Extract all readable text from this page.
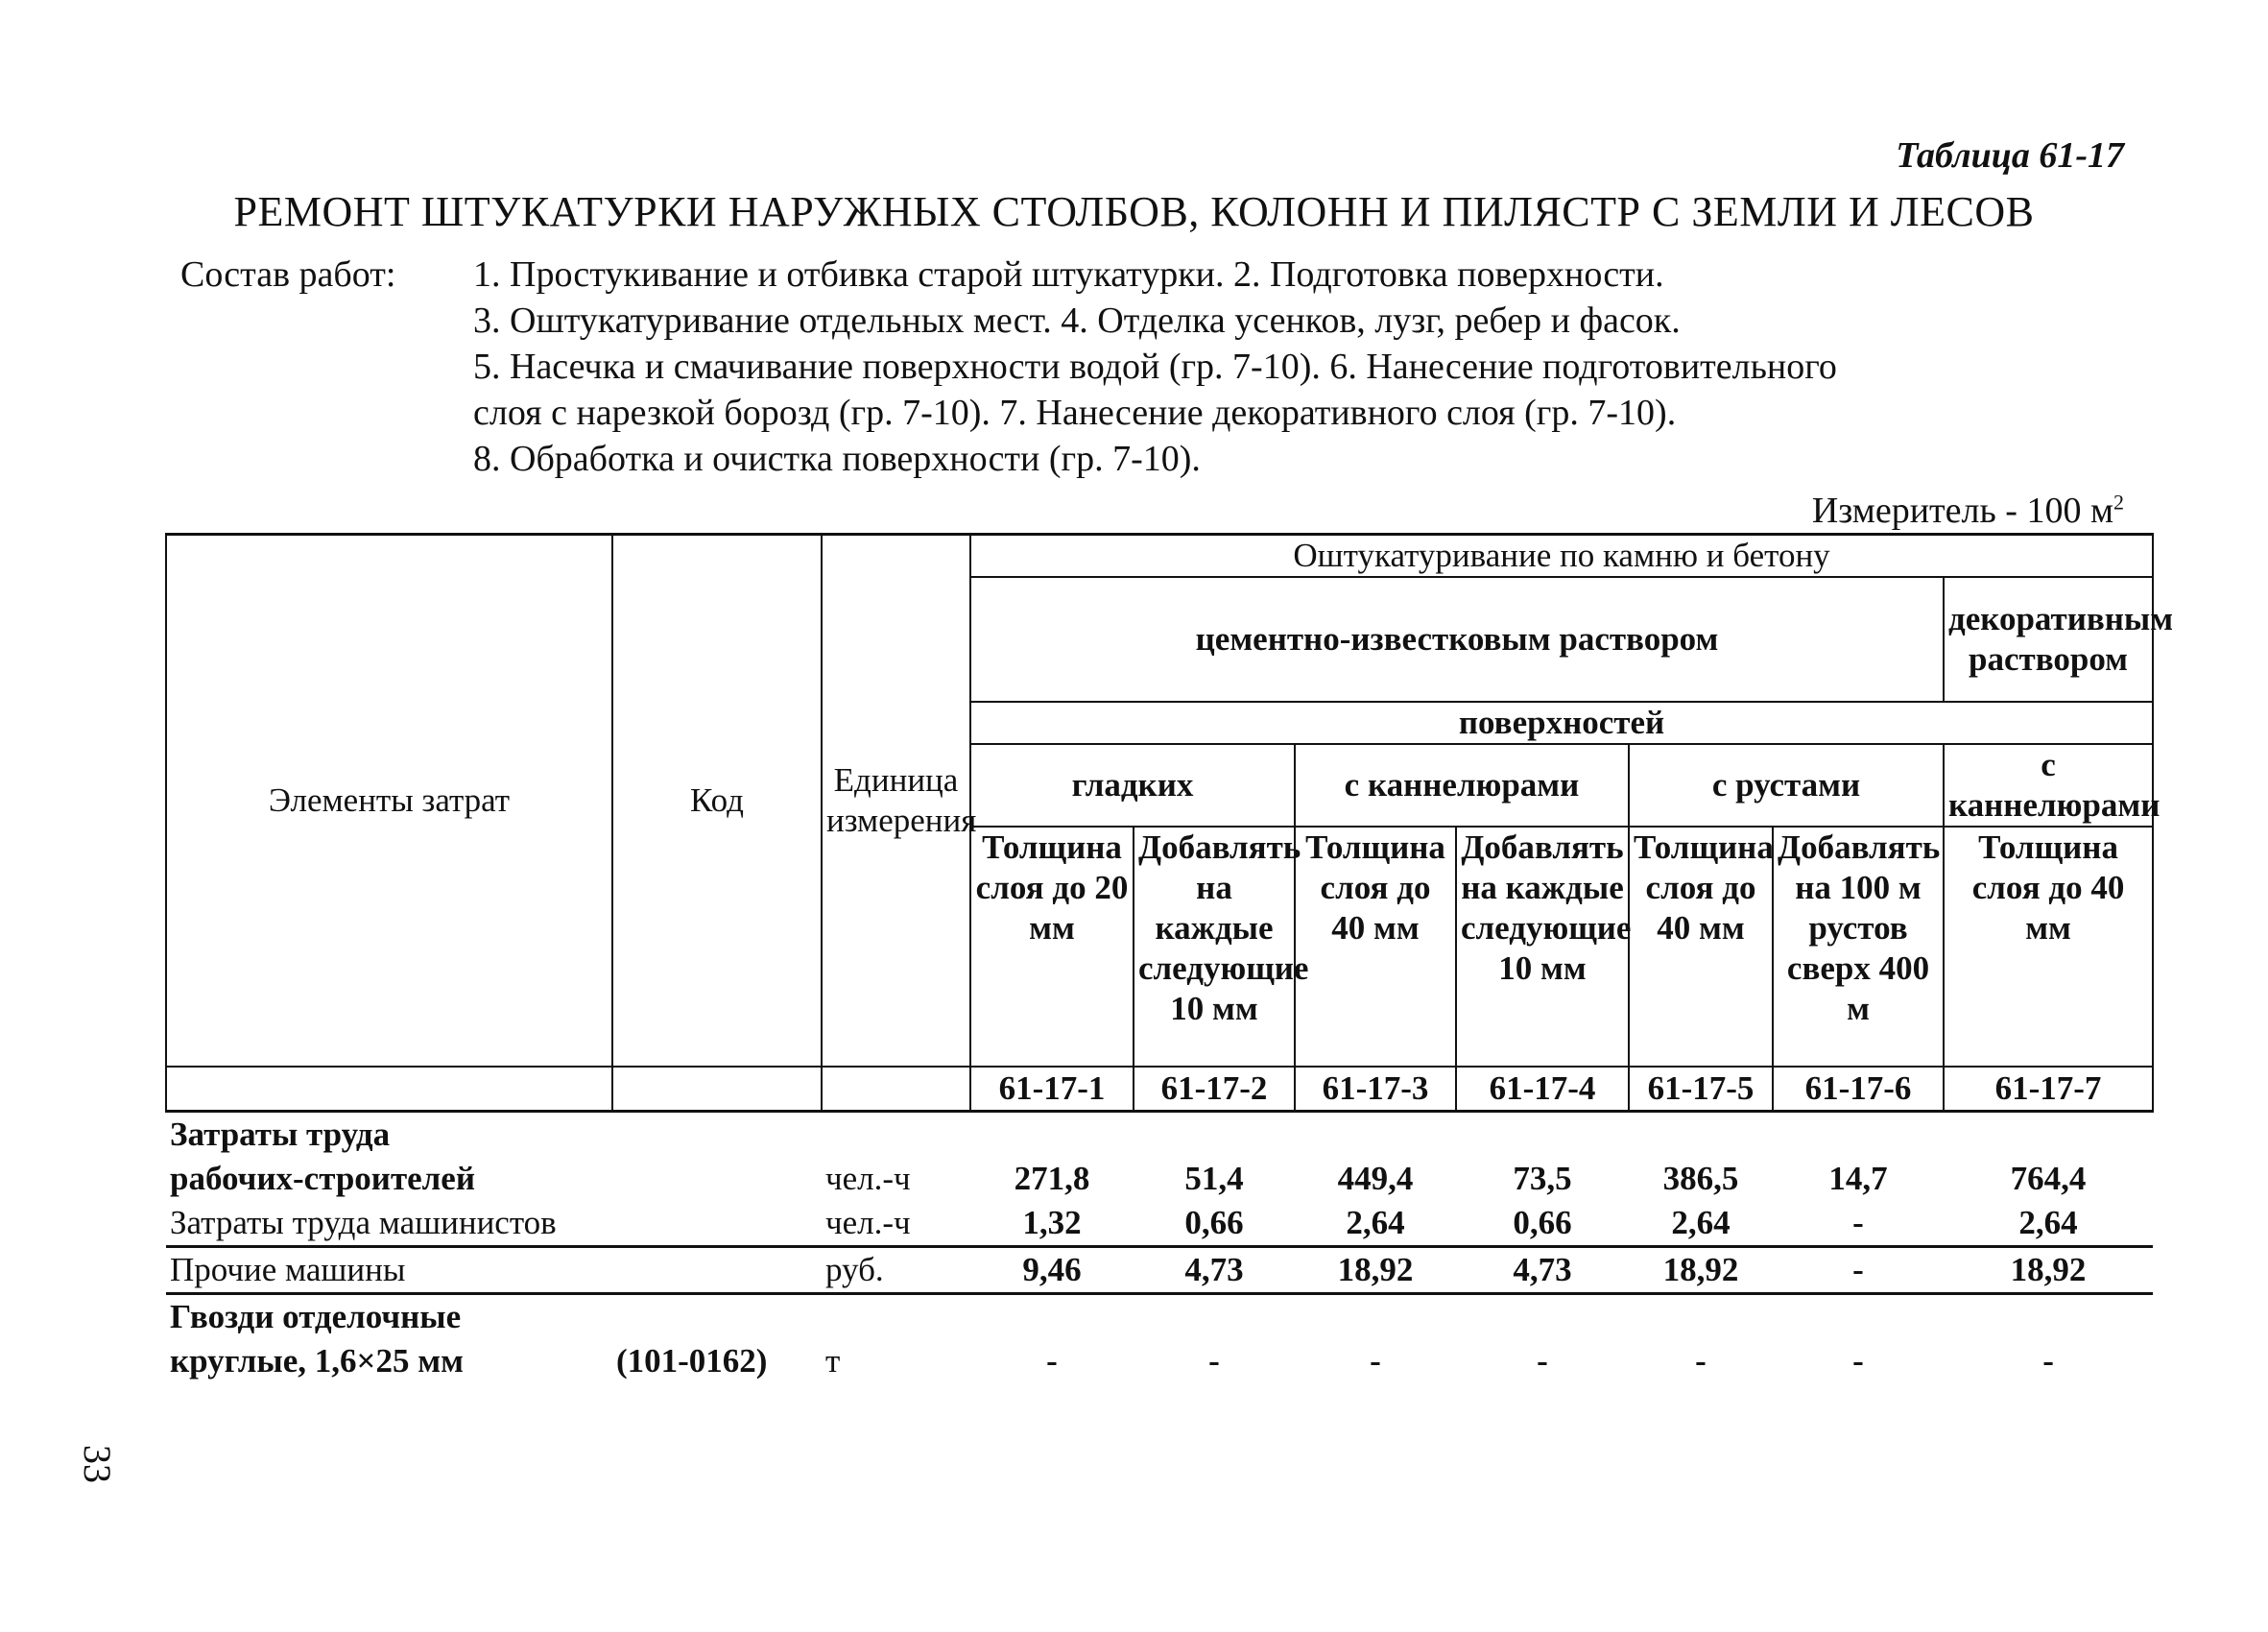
Таблица 61-17
РЕМОНТ ШТУКАТУРКИ НАРУЖНЫХ СТОЛБОВ, КОЛОНН И ПИЛЯСТР С ЗЕМЛИ И ЛЕСОВ
Состав работ: 1. Простукивание и отбивка старой штукатурки. 2. Подготовка поверхности.
3. Оштукатуривание отдельных мест. 4. Отделка усенков, лузг, ребер и фасок.
5. Насечка и смачивание поверхности водой (гр. 7-10). 6. Нанесение подготовительного
слоя с нарезкой борозд (гр. 7-10). 7. Нанесение декоративного слоя (гр. 7-10).
8. Обработка и очистка поверхности (гр. 7-10).
Измеритель - 100 $м^2$
Элементы затрат	Код	Единица измерения	Оштукатуривание по камню и бетону						
			цементно-известковым раствором						декоративным раствором

			поверхностей						
			гладких		с каннелюрами		с рустами		с каннелюрами
			Толщина слоя до 20 мм	Добавлять на каждые следующие 10 мм	Толщина слоя до 40 мм	Добавлять на каждые следующие 10 мм	Толщина слоя до 40 мм	Добавлять на 100 м рустов сверх 400 м	Толщина слоя до 40 мм
			61-17-1	61-17-2	61-17-3	61-17-4	61-17-5	61-17-6	61-17-7
Затраты труда									
рабочих-строителей		чел.-ч	271,8	51,4	449,4	73,5	386,5	14,7	764,4
Затраты труда машинистов		чел.-ч	1,32	0,66	2,64	0,66	2,64	-	2,64
Прочие машины		руб.	9,46	4,73	18,92	4,73	18,92	-	18,92
Гвозди отделочные									
круглые, 1,6×25 мм	(101-0162)	т	-	-	-	-	-	-	-
33
